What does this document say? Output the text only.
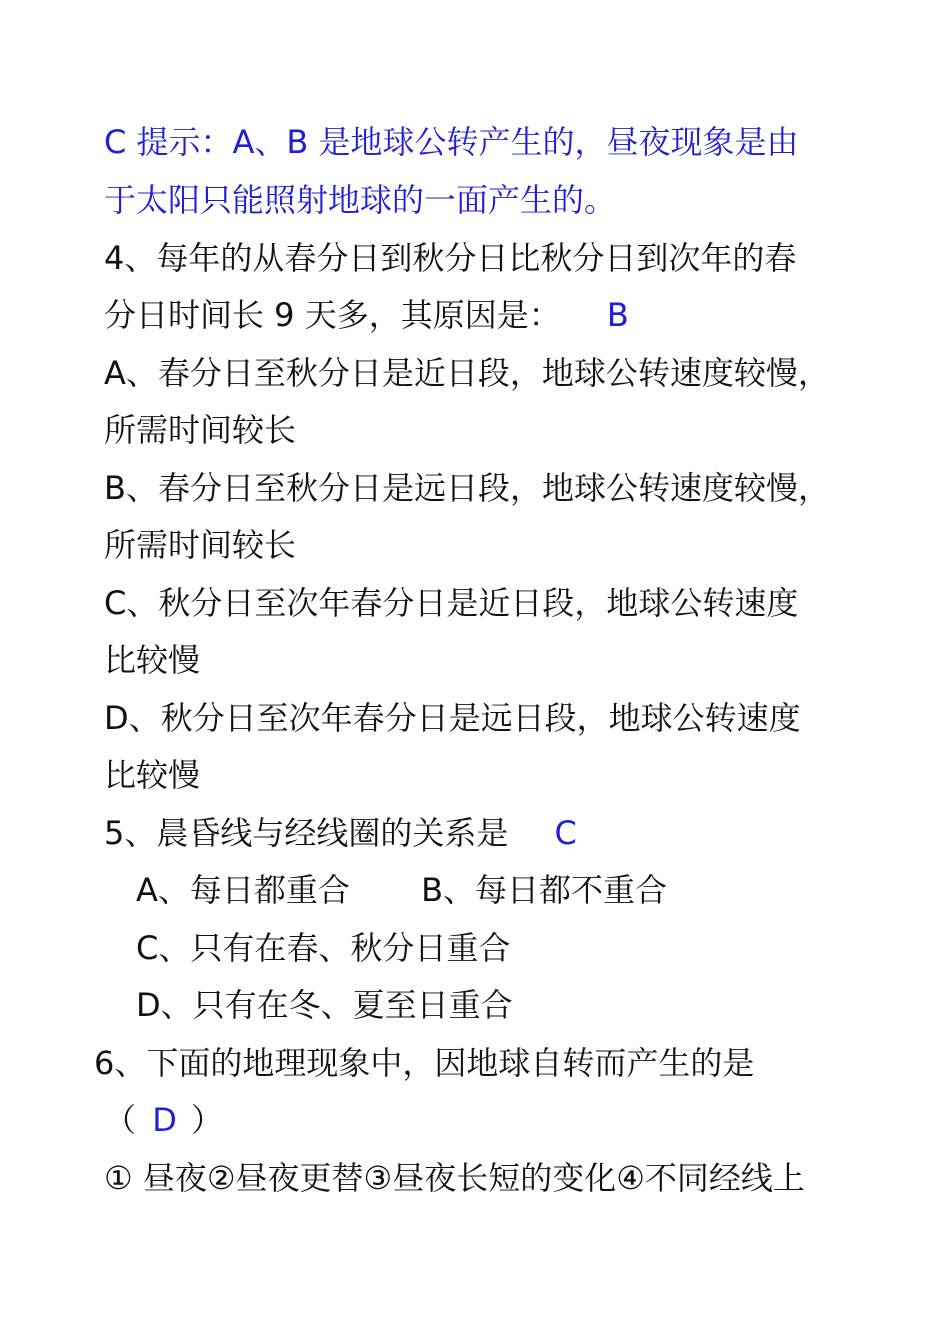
C 提示：A、B 是地球公转产生的，昼夜现象是由
于太阳只能照射地球的一面产生的。
4、每年的从春分日到秋分日比秋分日到次年的春
分日时间长 9 天多，其原因是： B
A、春分日至秋分日是近日段，地球公转速度较慢，
所需时间较长
B、春分日至秋分日是远日段，地球公转速度较慢，
所需时间较长
C、秋分日至次年春分日是近日段，地球公转速度
比较慢
D、秋分日至次年春分日是远日段，地球公转速度
比较慢
5、晨昏线与经线圈的关系是 C
A、每日都重合       B、每日都不重合
C、只有在春、秋分日重合
D、只有在冬、夏至日重合
6、下面的地理现象中，因地球自转而产生的是
（ D ）
① 昼夜②昼夜更替③昼夜长短的变化④不同经线上
